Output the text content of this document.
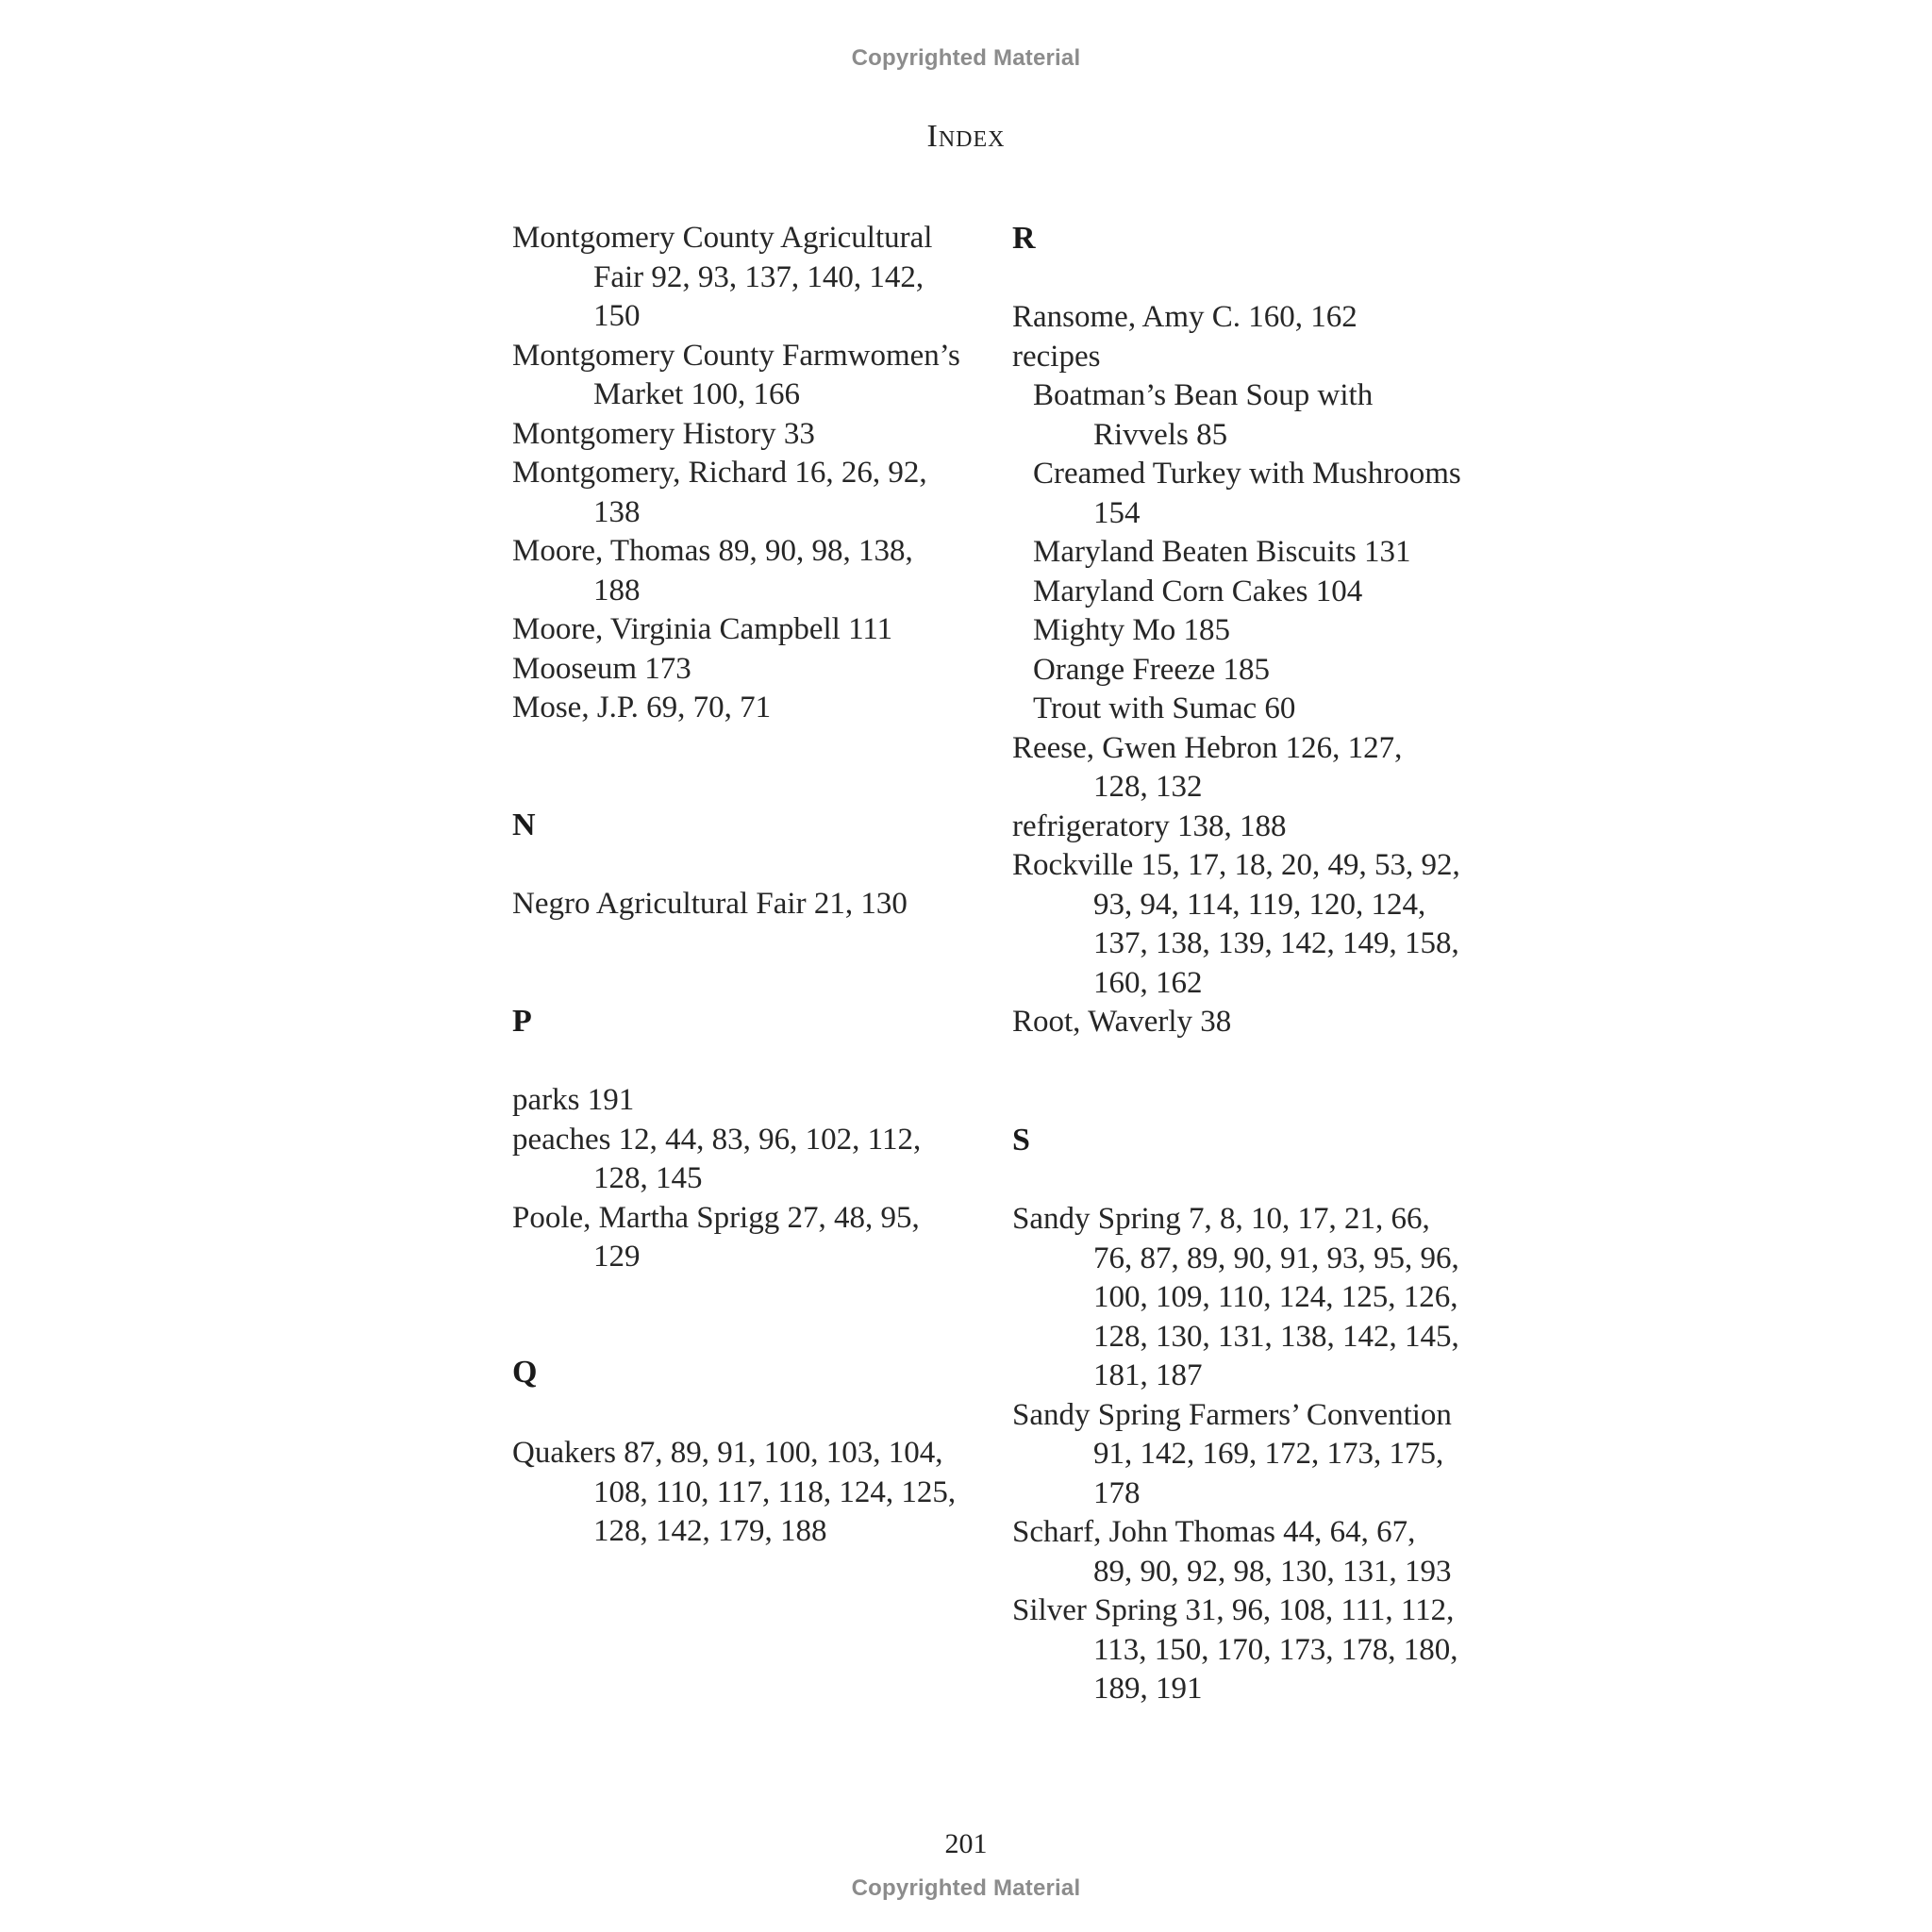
Copyrighted Material
Index
Montgomery County Agricultural
Fair 92, 93, 137, 140, 142,
150
Montgomery County Farmwomen’s
Market 100, 166
Montgomery History 33
Montgomery, Richard 16, 26, 92,
138
Moore, Thomas 89, 90, 98, 138,
188
Moore, Virginia Campbell 111
Mooseum 173
Mose, J.P. 69, 70, 71
N
Negro Agricultural Fair 21, 130
P
parks 191
peaches 12, 44, 83, 96, 102, 112,
128, 145
Poole, Martha Sprigg 27, 48, 95,
129
Q
Quakers 87, 89, 91, 100, 103, 104,
108, 110, 117, 118, 124, 125,
128, 142, 179, 188
R
Ransome, Amy C. 160, 162
recipes
Boatman’s Bean Soup with
Rivvels 85
Creamed Turkey with Mushrooms
154
Maryland Beaten Biscuits 131
Maryland Corn Cakes 104
Mighty Mo 185
Orange Freeze 185
Trout with Sumac 60
Reese, Gwen Hebron 126, 127,
128, 132
refrigeratory 138, 188
Rockville 15, 17, 18, 20, 49, 53, 92,
93, 94, 114, 119, 120, 124,
137, 138, 139, 142, 149, 158,
160, 162
Root, Waverly 38
S
Sandy Spring 7, 8, 10, 17, 21, 66,
76, 87, 89, 90, 91, 93, 95, 96,
100, 109, 110, 124, 125, 126,
128, 130, 131, 138, 142, 145,
181, 187
Sandy Spring Farmers’ Convention
91, 142, 169, 172, 173, 175,
178
Scharf, John Thomas 44, 64, 67,
89, 90, 92, 98, 130, 131, 193
Silver Spring 31, 96, 108, 111, 112,
113, 150, 170, 173, 178, 180,
189, 191
201
Copyrighted Material
